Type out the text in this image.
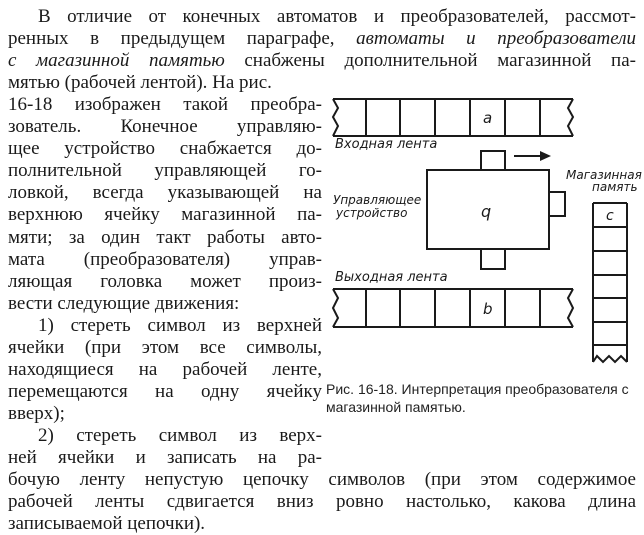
В отличие от конечных автоматов и преобразователей, рассмот-
ренных в предыдущем параграфе, автоматы и преобразователи
с магазинной памятью снабжены дополнительной магазинной па-
мятью (рабочей лентой). На рис.
16-18 изображен такой преобра-
зователь. Конечное управляю-
щее устройство снабжается до-
полнительной управляющей го-
ловкой, всегда указывающей на
верхнюю ячейку магазинной па-
мяти; за один такт работы авто-
мата (преобразователя) управ-
ляющая головка может произ-
вести следующие движения:
1) стереть символ из верхней
ячейки (при этом все символы,
находящиеся на рабочей ленте,
перемещаются на одну ячейку
вверх);
2) стереть символ из верх-
ней ячейки и записать на ра-
бочую ленту непустую цепочку символов (при этом содержимое
рабочей ленты сдвигается вниз ровно настолько, какова длина
записываемой цепочки).
a
q
b
c
Входная лента
Управляющее
устройство
Выходная лента
Магазинная
память
Рис. 16-18. Интерпретация преобразователя с магазинной памятью.
